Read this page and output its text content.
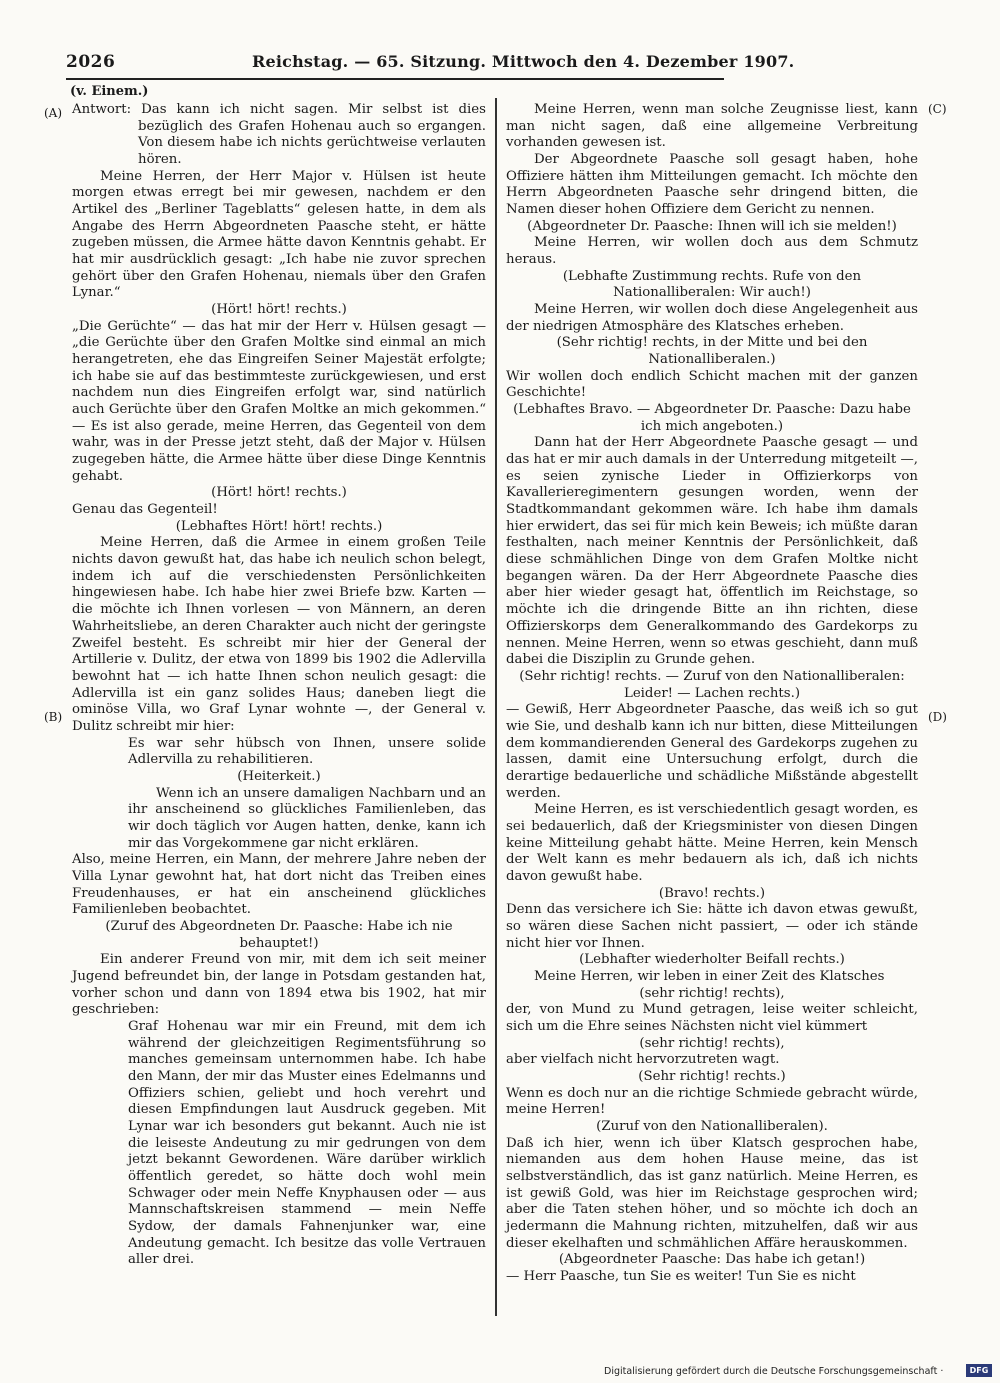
2026	Reichstag. — 65. Sitzung. Mittwoch den 4. Dezember 1907.
(v. Einem.)
(A)
(B)
(C)
(D)

Antwort: Das kann ich nicht sagen. Mir selbst ist dies bezüglich des Grafen Hohenau auch so ergangen. Von diesem habe ich nichts gerüchtweise verlauten hören.

Meine Herren, der Herr Major v. Hülsen ist heute morgen etwas erregt bei mir gewesen, nachdem er den Artikel des „Berliner Tageblatts“ gelesen hatte, in dem als Angabe des Herrn Abgeordneten Paasche steht, er hätte zugeben müssen, die Armee hätte davon Kenntnis gehabt. Er hat mir ausdrücklich gesagt: „Ich habe nie zuvor sprechen gehört über den Grafen Hohenau, niemals über den Grafen Lynar.“

(Hört! hört! rechts.)

„Die Gerüchte“ — das hat mir der Herr v. Hülsen gesagt — „die Gerüchte über den Grafen Moltke sind einmal an mich herangetreten, ehe das Eingreifen Seiner Majestät erfolgte; ich habe sie auf das bestimmteste zurückgewiesen, und erst nachdem nun dies Eingreifen erfolgt war, sind natürlich auch Gerüchte über den Grafen Moltke an mich gekommen.“ — Es ist also gerade, meine Herren, das Gegenteil von dem wahr, was in der Presse jetzt steht, daß der Major v. Hülsen zugegeben hätte, die Armee hätte über diese Dinge Kenntnis gehabt.

(Hört! hört! rechts.)

Genau das Gegenteil!

(Lebhaftes Hört! hört! rechts.)

Meine Herren, daß die Armee in einem großen Teile nichts davon gewußt hat, das habe ich neulich schon belegt, indem ich auf die verschiedensten Persönlichkeiten hingewiesen habe. Ich habe hier zwei Briefe bzw. Karten — die möchte ich Ihnen vorlesen — von Männern, an deren Wahrheitsliebe, an deren Charakter auch nicht der geringste Zweifel besteht. Es schreibt mir hier der General der Artillerie v. Dulitz, der etwa von 1899 bis 1902 die Adlervilla bewohnt hat — ich hatte Ihnen schon neulich gesagt: die Adlervilla ist ein ganz solides Haus; daneben liegt die ominöse Villa, wo Graf Lynar wohnte —, der General v. Dulitz schreibt mir hier:

Es war sehr hübsch von Ihnen, unsere solide Adlervilla zu rehabilitieren.

(Heiterkeit.)

Wenn ich an unsere damaligen Nachbarn und an ihr anscheinend so glückliches Familienleben, das wir doch täglich vor Augen hatten, denke, kann ich mir das Vorgekommene gar nicht erklären.

Also, meine Herren, ein Mann, der mehrere Jahre neben der Villa Lynar gewohnt hat, hat dort nicht das Treiben eines Freudenhauses, er hat ein anscheinend glückliches Familienleben beobachtet.

(Zuruf des Abgeordneten Dr. Paasche: Habe ich nie behauptet!)

Ein anderer Freund von mir, mit dem ich seit meiner Jugend befreundet bin, der lange in Potsdam gestanden hat, vorher schon und dann von 1894 etwa bis 1902, hat mir geschrieben:

Graf Hohenau war mir ein Freund, mit dem ich während der gleichzeitigen Regimentsführung so manches gemeinsam unternommen habe. Ich habe den Mann, der mir das Muster eines Edelmanns und Offiziers schien, geliebt und hoch verehrt und diesen Empfindungen laut Ausdruck gegeben. Mit Lynar war ich besonders gut bekannt. Auch nie ist die leiseste Andeutung zu mir gedrungen von dem jetzt bekannt Gewordenen. Wäre darüber wirklich öffentlich geredet, so hätte doch wohl mein Schwager oder mein Neffe Knyphausen oder — aus Mannschaftskreisen stammend — mein Neffe Sydow, der damals Fahnenjunker war, eine Andeutung gemacht. Ich besitze das volle Vertrauen aller drei.

Meine Herren, wenn man solche Zeugnisse liest, kann man nicht sagen, daß eine allgemeine Verbreitung vorhanden gewesen ist.

Der Abgeordnete Paasche soll gesagt haben, hohe Offiziere hätten ihm Mitteilungen gemacht. Ich möchte den Herrn Abgeordneten Paasche sehr dringend bitten, die Namen dieser hohen Offiziere dem Gericht zu nennen.

(Abgeordneter Dr. Paasche: Ihnen will ich sie melden!)

Meine Herren, wir wollen doch aus dem Schmutz heraus.

(Lebhafte Zustimmung rechts. Rufe von den Nationalliberalen: Wir auch!)

Meine Herren, wir wollen doch diese Angelegenheit aus der niedrigen Atmosphäre des Klatsches erheben.

(Sehr richtig! rechts, in der Mitte und bei den Nationalliberalen.)

Wir wollen doch endlich Schicht machen mit der ganzen Geschichte!

(Lebhaftes Bravo. — Abgeordneter Dr. Paasche: Dazu habe ich mich angeboten.)

Dann hat der Herr Abgeordnete Paasche gesagt — und das hat er mir auch damals in der Unterredung mitgeteilt —, es seien zynische Lieder in Offizierkorps von Kavallerieregimentern gesungen worden, wenn der Stadtkommandant gekommen wäre. Ich habe ihm damals hier erwidert, das sei für mich kein Beweis; ich müßte daran festhalten, nach meiner Kenntnis der Persönlichkeit, daß diese schmählichen Dinge von dem Grafen Moltke nicht begangen wären. Da der Herr Abgeordnete Paasche dies aber hier wieder gesagt hat, öffentlich im Reichstage, so möchte ich die dringende Bitte an ihn richten, diese Offizierskorps dem Generalkommando des Gardekorps zu nennen. Meine Herren, wenn so etwas geschieht, dann muß dabei die Disziplin zu Grunde gehen.

(Sehr richtig! rechts. — Zuruf von den Nationalliberalen: Leider! — Lachen rechts.)

— Gewiß, Herr Abgeordneter Paasche, das weiß ich so gut wie Sie, und deshalb kann ich nur bitten, diese Mitteilungen dem kommandierenden General des Gardekorps zugehen zu lassen, damit eine Untersuchung erfolgt, durch die derartige bedauerliche und schädliche Mißstände abgestellt werden.

Meine Herren, es ist verschiedentlich gesagt worden, es sei bedauerlich, daß der Kriegsminister von diesen Dingen keine Mitteilung gehabt hätte. Meine Herren, kein Mensch der Welt kann es mehr bedauern als ich, daß ich nichts davon gewußt habe.

(Bravo! rechts.)

Denn das versichere ich Sie: hätte ich davon etwas gewußt, so wären diese Sachen nicht passiert, — oder ich stände nicht hier vor Ihnen.

(Lebhafter wiederholter Beifall rechts.)

Meine Herren, wir leben in einer Zeit des Klatsches

(sehr richtig! rechts),

der, von Mund zu Mund getragen, leise weiter schleicht, sich um die Ehre seines Nächsten nicht viel kümmert

(sehr richtig! rechts),

aber vielfach nicht hervorzutreten wagt.

(Sehr richtig! rechts.)

Wenn es doch nur an die richtige Schmiede gebracht würde, meine Herren!

(Zuruf von den Nationalliberalen).

Daß ich hier, wenn ich über Klatsch gesprochen habe, niemanden aus dem hohen Hause meine, das ist selbstverständlich, das ist ganz natürlich. Meine Herren, es ist gewiß Gold, was hier im Reichstage gesprochen wird; aber die Taten stehen höher, und so möchte ich doch an jedermann die Mahnung richten, mitzuhelfen, daß wir aus dieser ekelhaften und schmählichen Affäre herauskommen.

(Abgeordneter Paasche: Das habe ich getan!)

— Herr Paasche, tun Sie es weiter! Tun Sie es nicht

Digitalisierung gefördert durch die Deutsche Forschungsgemeinschaft ·	DFG
